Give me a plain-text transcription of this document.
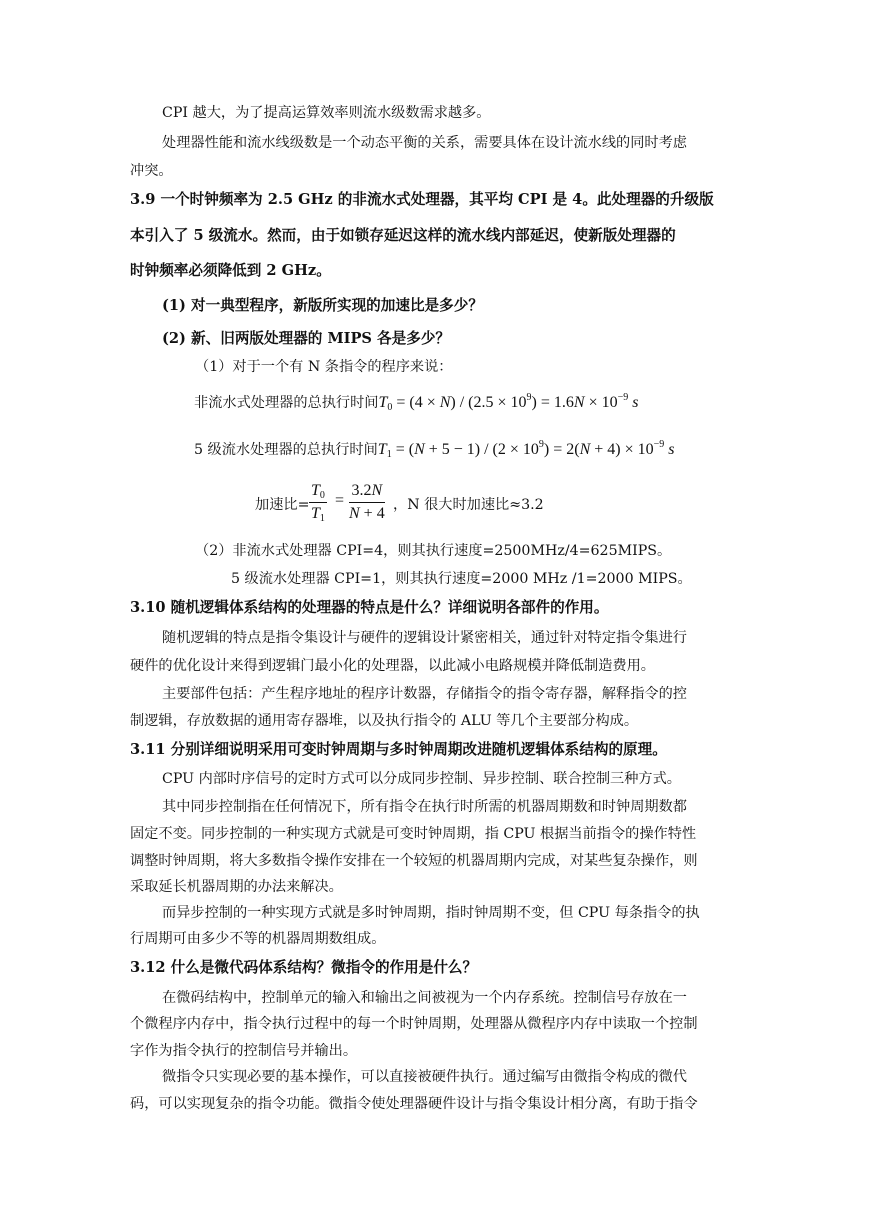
CPI 越大，为了提高运算效率则流水级数需求越多。
处理器性能和流水线级数是一个动态平衡的关系，需要具体在设计流水线的同时考虑
冲突。
3.9 一个时钟频率为 2.5 GHz 的非流水式处理器，其平均 CPI 是 4。此处理器的升级版
本引入了 5 级流水。然而，由于如锁存延迟这样的流水线内部延迟，使新版处理器的
时钟频率必须降低到 2 GHz。
(1) 对一典型程序，新版所实现的加速比是多少？
(2) 新、旧两版处理器的 MIPS 各是多少？
（1）对于一个有 N 条指令的程序来说：
非流水式处理器的总执行时间$T_0 = (4 \times N) / (2.5 \times 10^9) = 1.6N \times 10^{-9}$ s
5 级流水处理器的总执行时间$T_1 = (N + 5 - 1) / (2 \times 10^9) = 2(N + 4) \times 10^{-9}$ s
加速比= $\frac{T_0}{T_1} = \frac{3.2N}{N + 4}$ ，N 很大时加速比≈3.2
（2）非流水式处理器 CPI=4，则其执行速度=2500MHz/4=625MIPS。
5 级流水处理器 CPI=1，则其执行速度=2000 MHz /1=2000 MIPS。
3.10 随机逻辑体系结构的处理器的特点是什么？详细说明各部件的作用。
随机逻辑的特点是指令集设计与硬件的逻辑设计紧密相关，通过针对特定指令集进行
硬件的优化设计来得到逻辑门最小化的处理器，以此减小电路规模并降低制造费用。
主要部件包括：产生程序地址的程序计数器，存储指令的指令寄存器，解释指令的控
制逻辑，存放数据的通用寄存器堆，以及执行指令的 ALU 等几个主要部分构成。
3.11 分别详细说明采用可变时钟周期与多时钟周期改进随机逻辑体系结构的原理。
CPU 内部时序信号的定时方式可以分成同步控制、异步控制、联合控制三种方式。
其中同步控制指在任何情况下，所有指令在执行时所需的机器周期数和时钟周期数都
固定不变。同步控制的一种实现方式就是可变时钟周期，指 CPU 根据当前指令的操作特性
调整时钟周期，将大多数指令操作安排在一个较短的机器周期内完成，对某些复杂操作，则
采取延长机器周期的办法来解决。
而异步控制的一种实现方式就是多时钟周期，指时钟周期不变，但 CPU 每条指令的执
行周期可由多少不等的机器周期数组成。
3.12 什么是微代码体系结构？微指令的作用是什么？
在微码结构中，控制单元的输入和输出之间被视为一个内存系统。控制信号存放在一
个微程序内存中，指令执行过程中的每一个时钟周期，处理器从微程序内存中读取一个控制
字作为指令执行的控制信号并输出。
微指令只实现必要的基本操作，可以直接被硬件执行。通过编写由微指令构成的微代
码，可以实现复杂的指令功能。微指令使处理器硬件设计与指令集设计相分离，有助于指令
